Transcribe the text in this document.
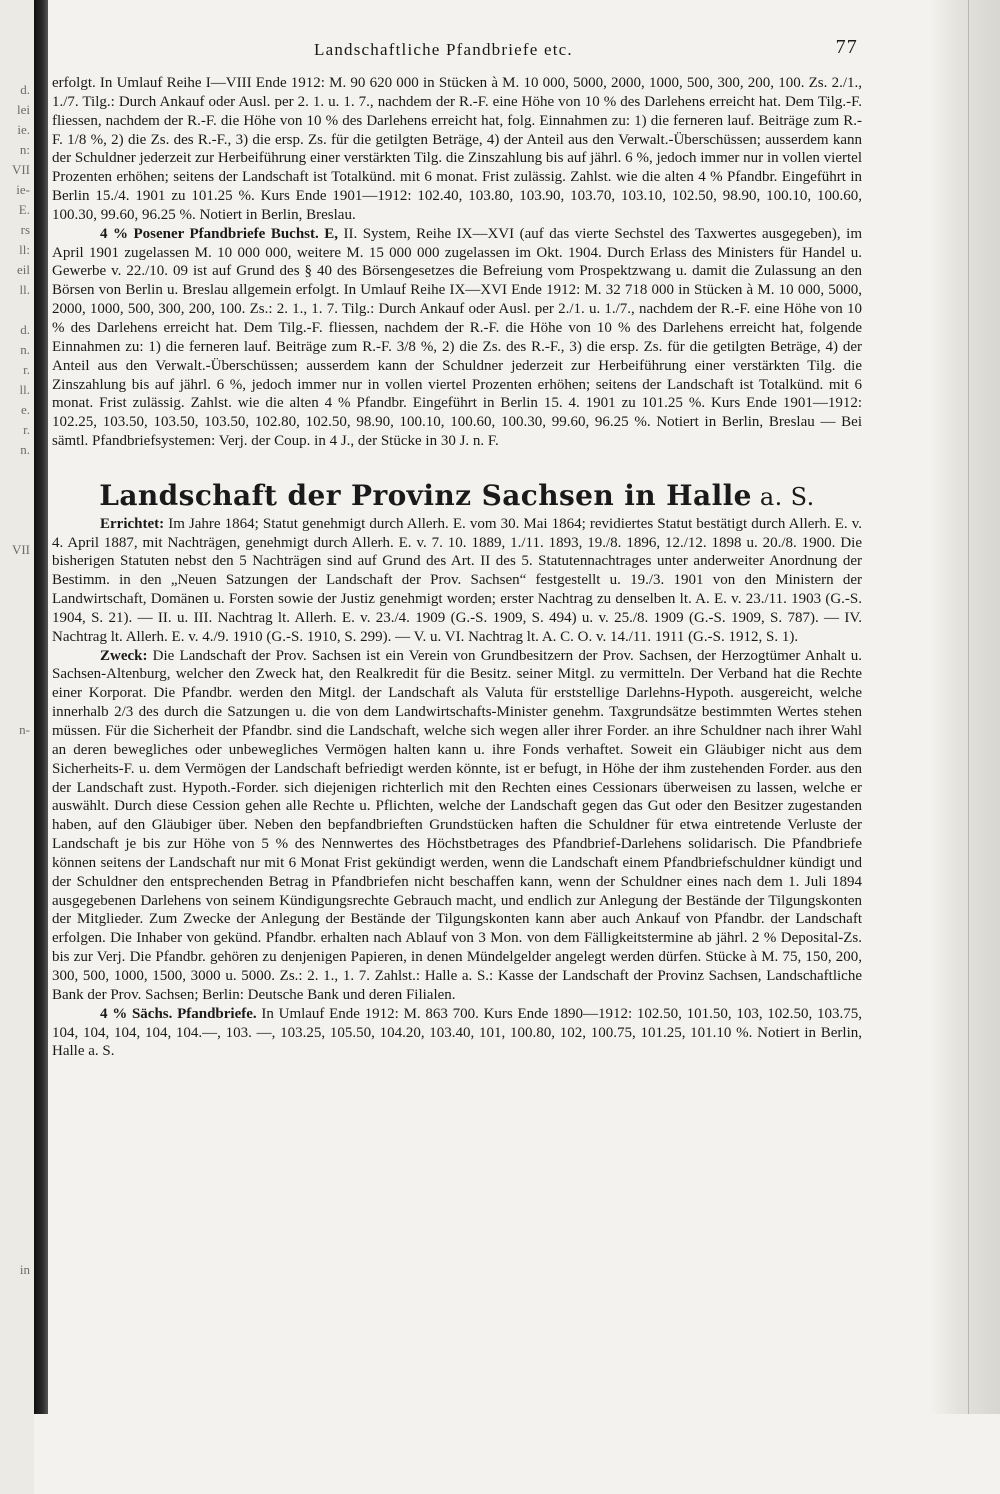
d.
lei
ie.
n:
VII
ie-
E.
rs
ll:
eil
ll.

d.
n.
r.
ll.
e.
r.
n.

VII

n-

in
Landschaftliche Pfandbriefe etc.	77

erfolgt. In Umlauf Reihe I—VIII Ende 1912: M. 90 620 000 in Stücken à M. 10 000, 5000, 2000, 1000, 500, 300, 200, 100. Zs. 2./1., 1./7. Tilg.: Durch Ankauf oder Ausl. per 2. 1. u. 1. 7., nachdem der R.-F. eine Höhe von 10 % des Darlehens erreicht hat. Dem Tilg.-F. fliessen, nachdem der R.-F. die Höhe von 10 % des Darlehens erreicht hat, folg. Einnahmen zu: 1) die ferneren lauf. Beiträge zum R.-F. 1/8 %, 2) die Zs. des R.-F., 3) die ersp. Zs. für die getilgten Beträge, 4) der Anteil aus den Verwalt.-Überschüssen; ausserdem kann der Schuldner jederzeit zur Herbeiführung einer verstärkten Tilg. die Zinszahlung bis auf jährl. 6 %, jedoch immer nur in vollen viertel Prozenten erhöhen; seitens der Landschaft ist Totalkünd. mit 6 monat. Frist zulässig. Zahlst. wie die alten 4 % Pfandbr. Eingeführt in Berlin 15./4. 1901 zu 101.25 %. Kurs Ende 1901—1912: 102.40, 103.80, 103.90, 103.70, 103.10, 102.50, 98.90, 100.10, 100.60, 100.30, 99.60, 96.25 %. Notiert in Berlin, Breslau.

4 % Posener Pfandbriefe Buchst. E, II. System, Reihe IX—XVI (auf das vierte Sechstel des Taxwertes ausgegeben), im April 1901 zugelassen M. 10 000 000, weitere M. 15 000 000 zugelassen im Okt. 1904. Durch Erlass des Ministers für Handel u. Gewerbe v. 22./10. 09 ist auf Grund des § 40 des Börsengesetzes die Befreiung vom Prospektzwang u. damit die Zulassung an den Börsen von Berlin u. Breslau allgemein erfolgt. In Umlauf Reihe IX—XVI Ende 1912: M. 32 718 000 in Stücken à M. 10 000, 5000, 2000, 1000, 500, 300, 200, 100. Zs.: 2. 1., 1. 7. Tilg.: Durch Ankauf oder Ausl. per 2./1. u. 1./7., nachdem der R.-F. eine Höhe von 10 % des Darlehens erreicht hat. Dem Tilg.-F. fliessen, nachdem der R.-F. die Höhe von 10 % des Darlehens erreicht hat, folgende Einnahmen zu: 1) die ferneren lauf. Beiträge zum R.-F. 3/8 %, 2) die Zs. des R.-F., 3) die ersp. Zs. für die getilgten Beträge, 4) der Anteil aus den Verwalt.-Überschüssen; ausserdem kann der Schuldner jederzeit zur Herbeiführung einer verstärkten Tilg. die Zinszahlung bis auf jährl. 6 %, jedoch immer nur in vollen viertel Prozenten erhöhen; seitens der Landschaft ist Totalkünd. mit 6 monat. Frist zulässig. Zahlst. wie die alten 4 % Pfandbr. Eingeführt in Berlin 15. 4. 1901 zu 101.25 %. Kurs Ende 1901—1912: 102.25, 103.50, 103.50, 103.50, 102.80, 102.50, 98.90, 100.10, 100.60, 100.30, 99.60, 96.25 %. Notiert in Berlin, Breslau — Bei sämtl. Pfandbriefsystemen: Verj. der Coup. in 4 J., der Stücke in 30 J. n. F.

Landschaft der Provinz Sachsen in Halle a. S.

Errichtet: Im Jahre 1864; Statut genehmigt durch Allerh. E. vom 30. Mai 1864; revidiertes Statut bestätigt durch Allerh. E. v. 4. April 1887, mit Nachträgen, genehmigt durch Allerh. E. v. 7. 10. 1889, 1./11. 1893, 19./8. 1896, 12./12. 1898 u. 20./8. 1900. Die bisherigen Statuten nebst den 5 Nachträgen sind auf Grund des Art. II des 5. Statutennachtrages unter anderweiter Anordnung der Bestimm. in den „Neuen Satzungen der Landschaft der Prov. Sachsen“ festgestellt u. 19./3. 1901 von den Ministern der Landwirtschaft, Domänen u. Forsten sowie der Justiz genehmigt worden; erster Nachtrag zu denselben lt. A. E. v. 23./11. 1903 (G.-S. 1904, S. 21). — II. u. III. Nachtrag lt. Allerh. E. v. 23./4. 1909 (G.-S. 1909, S. 494) u. v. 25./8. 1909 (G.-S. 1909, S. 787). — IV. Nachtrag lt. Allerh. E. v. 4./9. 1910 (G.-S. 1910, S. 299). — V. u. VI. Nachtrag lt. A. C. O. v. 14./11. 1911 (G.-S. 1912, S. 1).

Zweck: Die Landschaft der Prov. Sachsen ist ein Verein von Grundbesitzern der Prov. Sachsen, der Herzogtümer Anhalt u. Sachsen-Altenburg, welcher den Zweck hat, den Realkredit für die Besitz. seiner Mitgl. zu vermitteln. Der Verband hat die Rechte einer Korporat. Die Pfandbr. werden den Mitgl. der Landschaft als Valuta für erststellige Darlehns-Hypoth. ausgereicht, welche innerhalb 2/3 des durch die Satzungen u. die von dem Landwirtschafts-Minister genehm. Taxgrundsätze bestimmten Wertes stehen müssen. Für die Sicherheit der Pfandbr. sind die Landschaft, welche sich wegen aller ihrer Forder. an ihre Schuldner nach ihrer Wahl an deren bewegliches oder unbewegliches Vermögen halten kann u. ihre Fonds verhaftet. Soweit ein Gläubiger nicht aus dem Sicherheits-F. u. dem Vermögen der Landschaft befriedigt werden könnte, ist er befugt, in Höhe der ihm zustehenden Forder. aus den der Landschaft zust. Hypoth.-Forder. sich diejenigen richterlich mit den Rechten eines Cessionars überweisen zu lassen, welche er auswählt. Durch diese Cession gehen alle Rechte u. Pflichten, welche der Landschaft gegen das Gut oder den Besitzer zugestanden haben, auf den Gläubiger über. Neben den bepfandbrieften Grundstücken haften die Schuldner für etwa eintretende Verluste der Landschaft je bis zur Höhe von 5 % des Nennwertes des Höchstbetrages des Pfandbrief-Darlehens solidarisch. Die Pfandbriefe können seitens der Landschaft nur mit 6 Monat Frist gekündigt werden, wenn die Landschaft einem Pfandbriefschuldner kündigt und der Schuldner den entsprechenden Betrag in Pfandbriefen nicht beschaffen kann, wenn der Schuldner eines nach dem 1. Juli 1894 ausgegebenen Darlehens von seinem Kündigungsrechte Gebrauch macht, und endlich zur Anlegung der Bestände der Tilgungskonten der Mitglieder. Zum Zwecke der Anlegung der Bestände der Tilgungskonten kann aber auch Ankauf von Pfandbr. der Landschaft erfolgen. Die Inhaber von gekünd. Pfandbr. erhalten nach Ablauf von 3 Mon. von dem Fälligkeitstermine ab jährl. 2 % Deposital-Zs. bis zur Verj. Die Pfandbr. gehören zu denjenigen Papieren, in denen Mündelgelder angelegt werden dürfen. Stücke à M. 75, 150, 200, 300, 500, 1000, 1500, 3000 u. 5000. Zs.: 2. 1., 1. 7. Zahlst.: Halle a. S.: Kasse der Landschaft der Provinz Sachsen, Landschaftliche Bank der Prov. Sachsen; Berlin: Deutsche Bank und deren Filialen.

4 % Sächs. Pfandbriefe. In Umlauf Ende 1912: M. 863 700. Kurs Ende 1890—1912: 102.50, 101.50, 103, 102.50, 103.75, 104, 104, 104, 104, 104.—, 103. —, 103.25, 105.50, 104.20, 103.40, 101, 100.80, 102, 100.75, 101.25, 101.10 %. Notiert in Berlin, Halle a. S.
